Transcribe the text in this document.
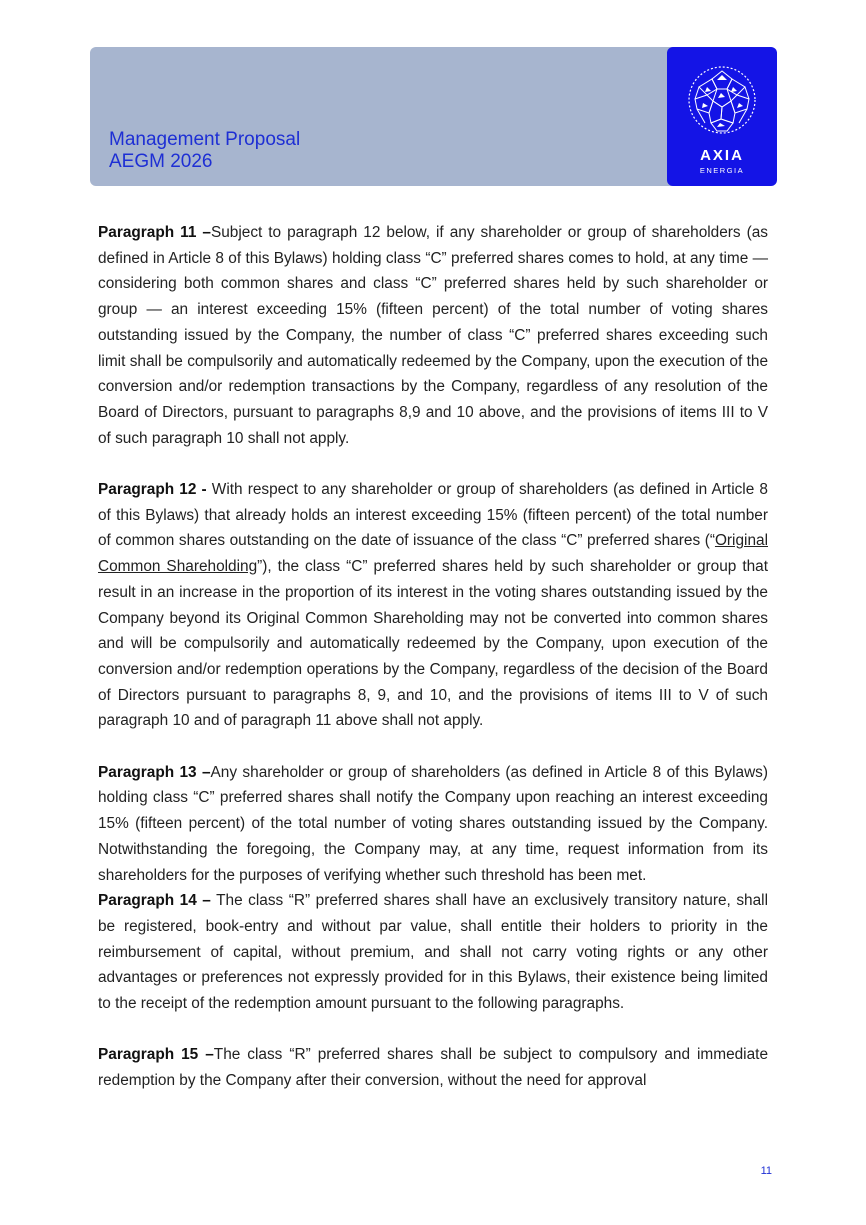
Management Proposal
AEGM 2026	AXIA
ENERGIA

Paragraph 11 –Subject to paragraph 12 below, if any shareholder or group of shareholders (as defined in Article 8 of this Bylaws) holding class “C” preferred shares comes to hold, at any time — considering both common shares and class “C” preferred shares held by such shareholder or group — an interest exceeding 15% (fifteen percent) of the total number of voting shares outstanding issued by the Company, the number of class “C” preferred shares exceeding such limit shall be compulsorily and automatically redeemed by the Company, upon the execution of the conversion and/or redemption transactions by the Company, regardless of any resolution of the Board of Directors, pursuant to paragraphs 8,9 and 10 above, and the provisions of items III to V of such paragraph 10 shall not apply.

Paragraph 12 - With respect to any shareholder or group of shareholders (as defined in Article 8 of this Bylaws) that already holds an interest exceeding 15% (fifteen percent) of the total number of common shares outstanding on the date of issuance of the class “C” preferred shares (“Original Common Shareholding”), the class “C” preferred shares held by such shareholder or group that result in an increase in the proportion of its interest in the voting shares outstanding issued by the Company beyond its Original Common Shareholding may not be converted into common shares and will be compulsorily and automatically redeemed by the Company, upon execution of the conversion and/or redemption operations by the Company, regardless of the decision of the Board of Directors pursuant to paragraphs 8, 9, and 10, and the provisions of items III to V of such paragraph 10 and of paragraph 11 above shall not apply.

Paragraph 13 –Any shareholder or group of shareholders (as defined in Article 8 of this Bylaws) holding class “C” preferred shares shall notify the Company upon reaching an interest exceeding 15% (fifteen percent) of the total number of voting shares outstanding issued by the Company. Notwithstanding the foregoing, the Company may, at any time, request information from its shareholders for the purposes of verifying whether such threshold has been met.

Paragraph 14 – The class “R” preferred shares shall have an exclusively transitory nature, shall be registered, book-entry and without par value, shall entitle their holders to priority in the reimbursement of capital, without premium, and shall not carry voting rights or any other advantages or preferences not expressly provided for in this Bylaws, their existence being limited to the receipt of the redemption amount pursuant to the following paragraphs.

Paragraph 15 –The class “R” preferred shares shall be subject to compulsory and immediate redemption by the Company after their conversion, without the need for approval

11
